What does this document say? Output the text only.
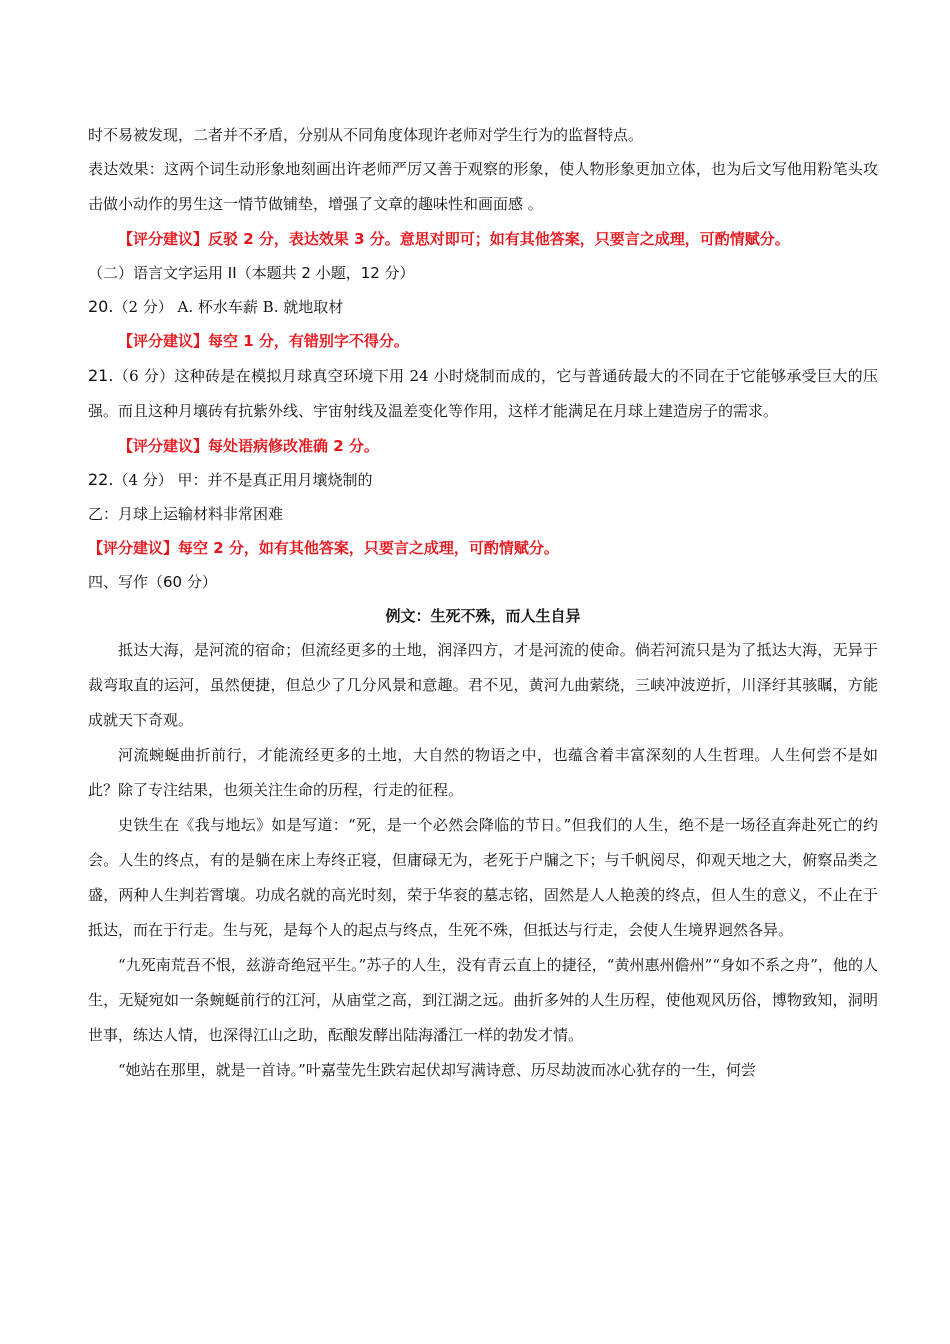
时不易被发现，二者并不矛盾，分别从不同角度体现许老师对学生行为的监督特点。
表达效果：这两个词生动形象地刻画出许老师严厉又善于观察的形象，使人物形象更加立体，也为后文写他用粉笔头攻击做小动作的男生这一情节做铺垫，增强了文章的趣味性和画面感 。
【评分建议】反驳 2 分，表达效果 3 分。意思对即可；如有其他答案，只要言之成理，可酌情赋分。
（二）语言文字运用 II（本题共 2 小题，12 分）
20.（2 分） A. 杯水车薪 B. 就地取材
【评分建议】每空 1 分，有错别字不得分。
21.（6 分）这种砖是在模拟月球真空环境下用 24 小时烧制而成的，它与普通砖最大的不同在于它能够承受巨大的压强。而且这种月壤砖有抗紫外线、宇宙射线及温差变化等作用，这样才能满足在月球上建造房子的需求。
【评分建议】每处语病修改准确 2 分。
22.（4 分） 甲：并不是真正用月壤烧制的
乙：月球上运输材料非常困难
【评分建议】每空 2 分，如有其他答案，只要言之成理，可酌情赋分。
四、写作（60 分）
例文：生死不殊，而人生自异
抵达大海，是河流的宿命；但流经更多的土地，润泽四方，才是河流的使命。倘若河流只是为了抵达大海，无异于裁弯取直的运河，虽然便捷，但总少了几分风景和意趣。君不见，黄河九曲萦绕，三峡冲波逆折，川泽纡其骇瞩，方能成就天下奇观。
河流蜿蜒曲折前行，才能流经更多的土地，大自然的物语之中，也蕴含着丰富深刻的人生哲理。人生何尝不是如此？除了专注结果，也须关注生命的历程，行走的征程。
史铁生在《我与地坛》如是写道：“死，是一个必然会降临的节日。”但我们的人生，绝不是一场径直奔赴死亡的约会。人生的终点，有的是躺在床上寿终正寝，但庸碌无为，老死于户牖之下；与千帆阅尽，仰观天地之大，俯察品类之盛，两种人生判若霄壤。功成名就的高光时刻，荣于华衮的墓志铭，固然是人人艳羡的终点，但人生的意义，不止在于抵达，而在于行走。生与死，是每个人的起点与终点，生死不殊，但抵达与行走，会使人生境界迥然各异。
“九死南荒吾不恨，兹游奇绝冠平生。”苏子的人生，没有青云直上的捷径，“黄州惠州儋州”“身如不系之舟”，他的人生，无疑宛如一条蜿蜒前行的江河，从庙堂之高，到江湖之远。曲折多舛的人生历程，使他观风历俗，博物致知，洞明世事，练达人情，也深得江山之助，酝酿发酵出陆海潘江一样的勃发才情。
“她站在那里，就是一首诗。”叶嘉莹先生跌宕起伏却写满诗意、历尽劫波而冰心犹存的一生，何尝
